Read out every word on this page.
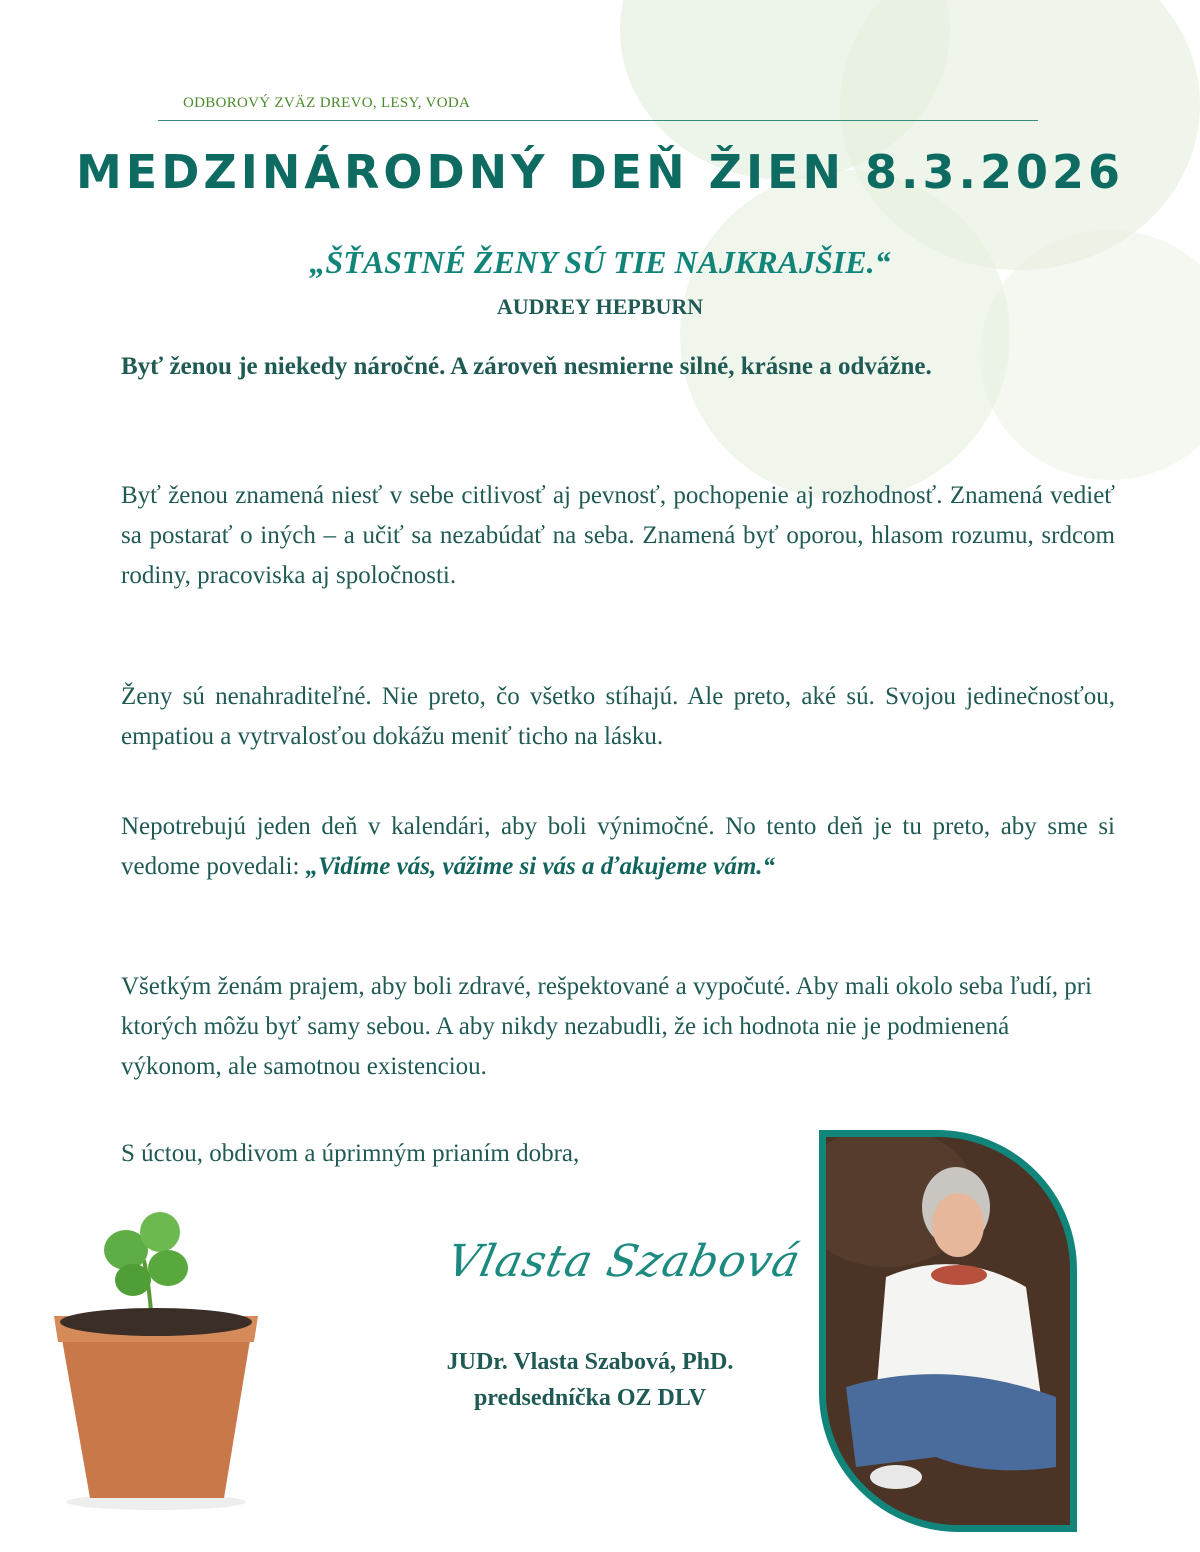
ODBOROVÝ ZVÄZ DREVO, LESY, VODA
MEDZINÁRODNÝ DEŇ ŽIEN 8.3.2026
„ŠŤASTNÉ ŽENY SÚ TIE NAJKRAJŠIE.“
AUDREY HEPBURN
Byť ženou je niekedy náročné. A zároveň nesmierne silné, krásne a odvážne.
Byť ženou znamená niesť v sebe citlivosť aj pevnosť, pochopenie aj rozhodnosť. Znamená vedieť sa postarať o iných – a učiť sa nezabúdať na seba. Znamená byť oporou, hlasom rozumu, srdcom rodiny, pracoviska aj spoločnosti.
Ženy sú nenahraditeľné. Nie preto, čo všetko stíhajú. Ale preto, aké sú. Svojou jedinečnosťou, empatiou a vytrvalosťou dokážu meniť ticho na lásku.
Nepotrebujú jeden deň v kalendári, aby boli výnimočné. No tento deň je tu preto, aby sme si vedome povedali: „Vidíme vás, vážime si vás a ďakujeme vám.“
Všetkým ženám prajem, aby boli zdravé, rešpektované a vypočuté. Aby mali okolo seba ľudí, pri ktorých môžu byť samy sebou. A aby nikdy nezabudli, že ich hodnota nie je podmienená výkonom, ale samotnou existenciou.
S úctou, obdivom a úprimným prianím dobra,
Vlasta Szabová
JUDr. Vlasta Szabová, PhD.
predsedníčka OZ DLV
